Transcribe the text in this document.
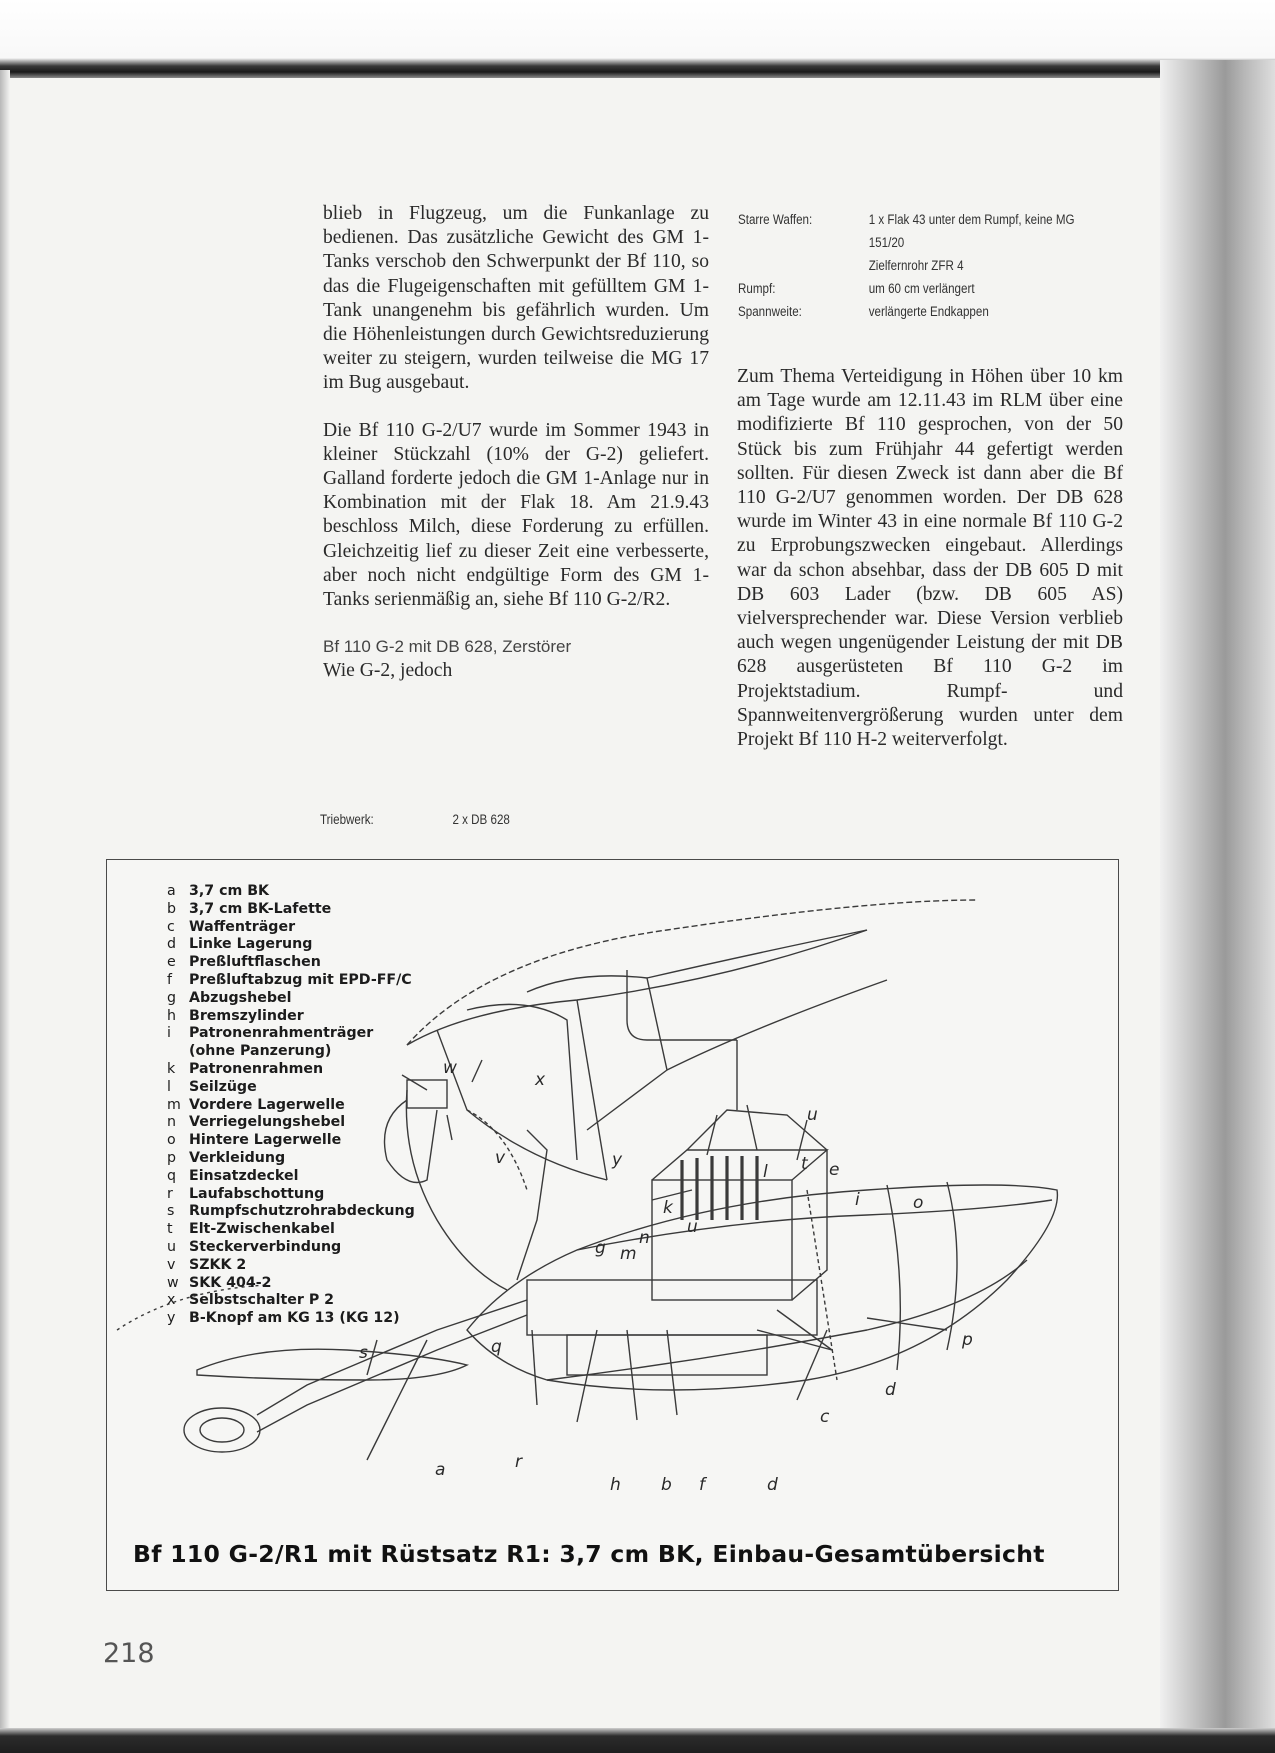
blieb in Flugzeug, um die Funkanlage zu bedienen. Das zusätzliche Gewicht des GM 1-Tanks verschob den Schwerpunkt der Bf 110, so das die Flugeigenschaften mit gefülltem GM 1-Tank unangenehm bis gefährlich wurden. Um die Höhenleistungen durch Gewichtsreduzierung weiter zu steigern, wurden teilweise die MG 17 im Bug ausgebaut.

Die Bf 110 G-2/U7 wurde im Sommer 1943 in kleiner Stückzahl (10% der G-2) geliefert. Galland forderte jedoch die GM 1-Anlage nur in Kombination mit der Flak 18. Am 21.9.43 beschloss Milch, diese Forderung zu erfüllen. Gleichzeitig lief zu dieser Zeit eine verbesserte, aber noch nicht endgültige Form des GM 1-Tanks serienmäßig an, siehe Bf 110 G-2/R2.

Bf 110 G-2 mit DB 628, Zerstörer
Wie G-2, jedoch
Triebwerk:	2 x DB 628
Starre Waffen:	1 x Flak 43 unter dem Rumpf, keine MG
151/20
Zielfernrohr ZFR 4
Rumpf:	um 60 cm verlängert
Spannweite:	verlängerte Endkappen

Zum Thema Verteidigung in Höhen über 10 km am Tage wurde am 12.11.43 im RLM über eine modifizierte Bf 110 gesprochen, von der 50 Stück bis zum Frühjahr 44 gefertigt werden sollten. Für diesen Zweck ist dann aber die Bf 110 G-2/U7 genommen worden. Der DB 628 wurde im Winter 43 in eine normale Bf 110 G-2 zu Erprobungszwecken eingebaut. Allerdings war da schon absehbar, dass der DB 605 D mit DB 603 Lader (bzw. DB 605 AS) vielversprechender war. Diese Version verblieb auch wegen ungenügender Leistung der mit DB 628 ausgerüsteten Bf 110 G-2 im Projektstadium. Rumpf- und Spannweitenvergrößerung wurden unter dem Projekt Bf 110 H-2 weiterverfolgt.

a 3,7 cm BK
b 3,7 cm BK-Lafette
c Waffenträger
d Linke Lagerung
e Preßluftflaschen
f	Preßluftabzug mit EPD-FF/C
g Abzugshebel
h Bremszylinder
i	Patronenrahmenträger
(ohne Panzerung)
k Patronenrahmen
l	Seilzüge
m Vordere Lagerwelle
n Verriegelungshebel
o Hintere Lagerwelle
p Verkleidung
q Einsatzdeckel
r	Laufabschottung
s	Rumpfschutzrohrabdeckung
t	Elt-Zwischenkabel
u Steckerverbindung
v SZKK 2
w SKK 404-2
x Selbstschalter P 2
y B-Knopf am KG 13 (KG 12)
w
x
v	y
u
l t e
i	o
k
u
g m
n
p
s	q
d
c
a	r
h b f	d
Bf 110 G-2/R1 mit Rüstsatz R1: 3,7 cm BK, Einbau-Gesamtübersicht
218
